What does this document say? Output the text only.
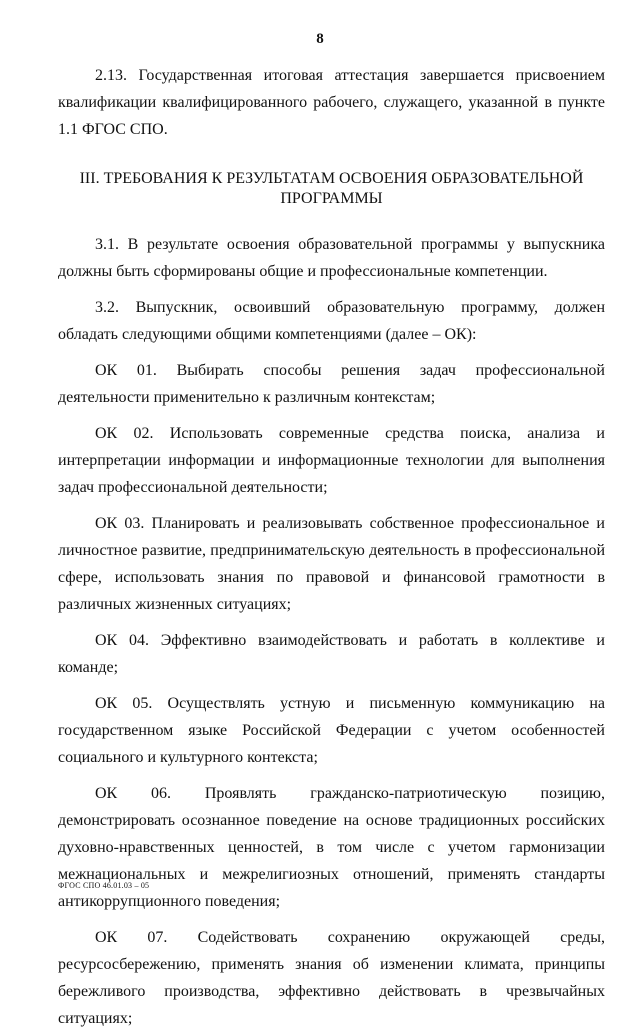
8

2.13. Государственная итоговая аттестация завершается присвоением квалификации квалифицированного рабочего, служащего, указанной в пункте 1.1 ФГОС СПО.

III. ТРЕБОВАНИЯ К РЕЗУЛЬТАТАМ ОСВОЕНИЯ ОБРАЗОВАТЕЛЬНОЙ
ПРОГРАММЫ

3.1. В результате освоения образовательной программы у выпускника должны быть сформированы общие и профессиональные компетенции.

3.2. Выпускник, освоивший образовательную программу, должен обладать следующими общими компетенциями (далее – ОК):

ОК 01. Выбирать способы решения задач профессиональной деятельности применительно к различным контекстам;

ОК 02. Использовать современные средства поиска, анализа и интерпретации информации и информационные технологии для выполнения задач профессиональной деятельности;

ОК 03. Планировать и реализовывать собственное профессиональное и личностное развитие, предпринимательскую деятельность в профессиональной сфере, использовать знания по правовой и финансовой грамотности в различных жизненных ситуациях;

ОК 04. Эффективно взаимодействовать и работать в коллективе и команде;

ОК 05. Осуществлять устную и письменную коммуникацию на государственном языке Российской Федерации с учетом особенностей социального и культурного контекста;

ОК 06. Проявлять гражданско-патриотическую позицию, демонстрировать осознанное поведение на основе традиционных российских духовно-нравственных ценностей, в том числе с учетом гармонизации межнациональных и межрелигиозных отношений, применять стандарты антикоррупционного поведения;

ОК 07. Содействовать сохранению окружающей среды, ресурсосбережению, применять знания об изменении климата, принципы бережливого производства, эффективно действовать в чрезвычайных ситуациях;

ФГОС СПО 46.01.03 – 05
